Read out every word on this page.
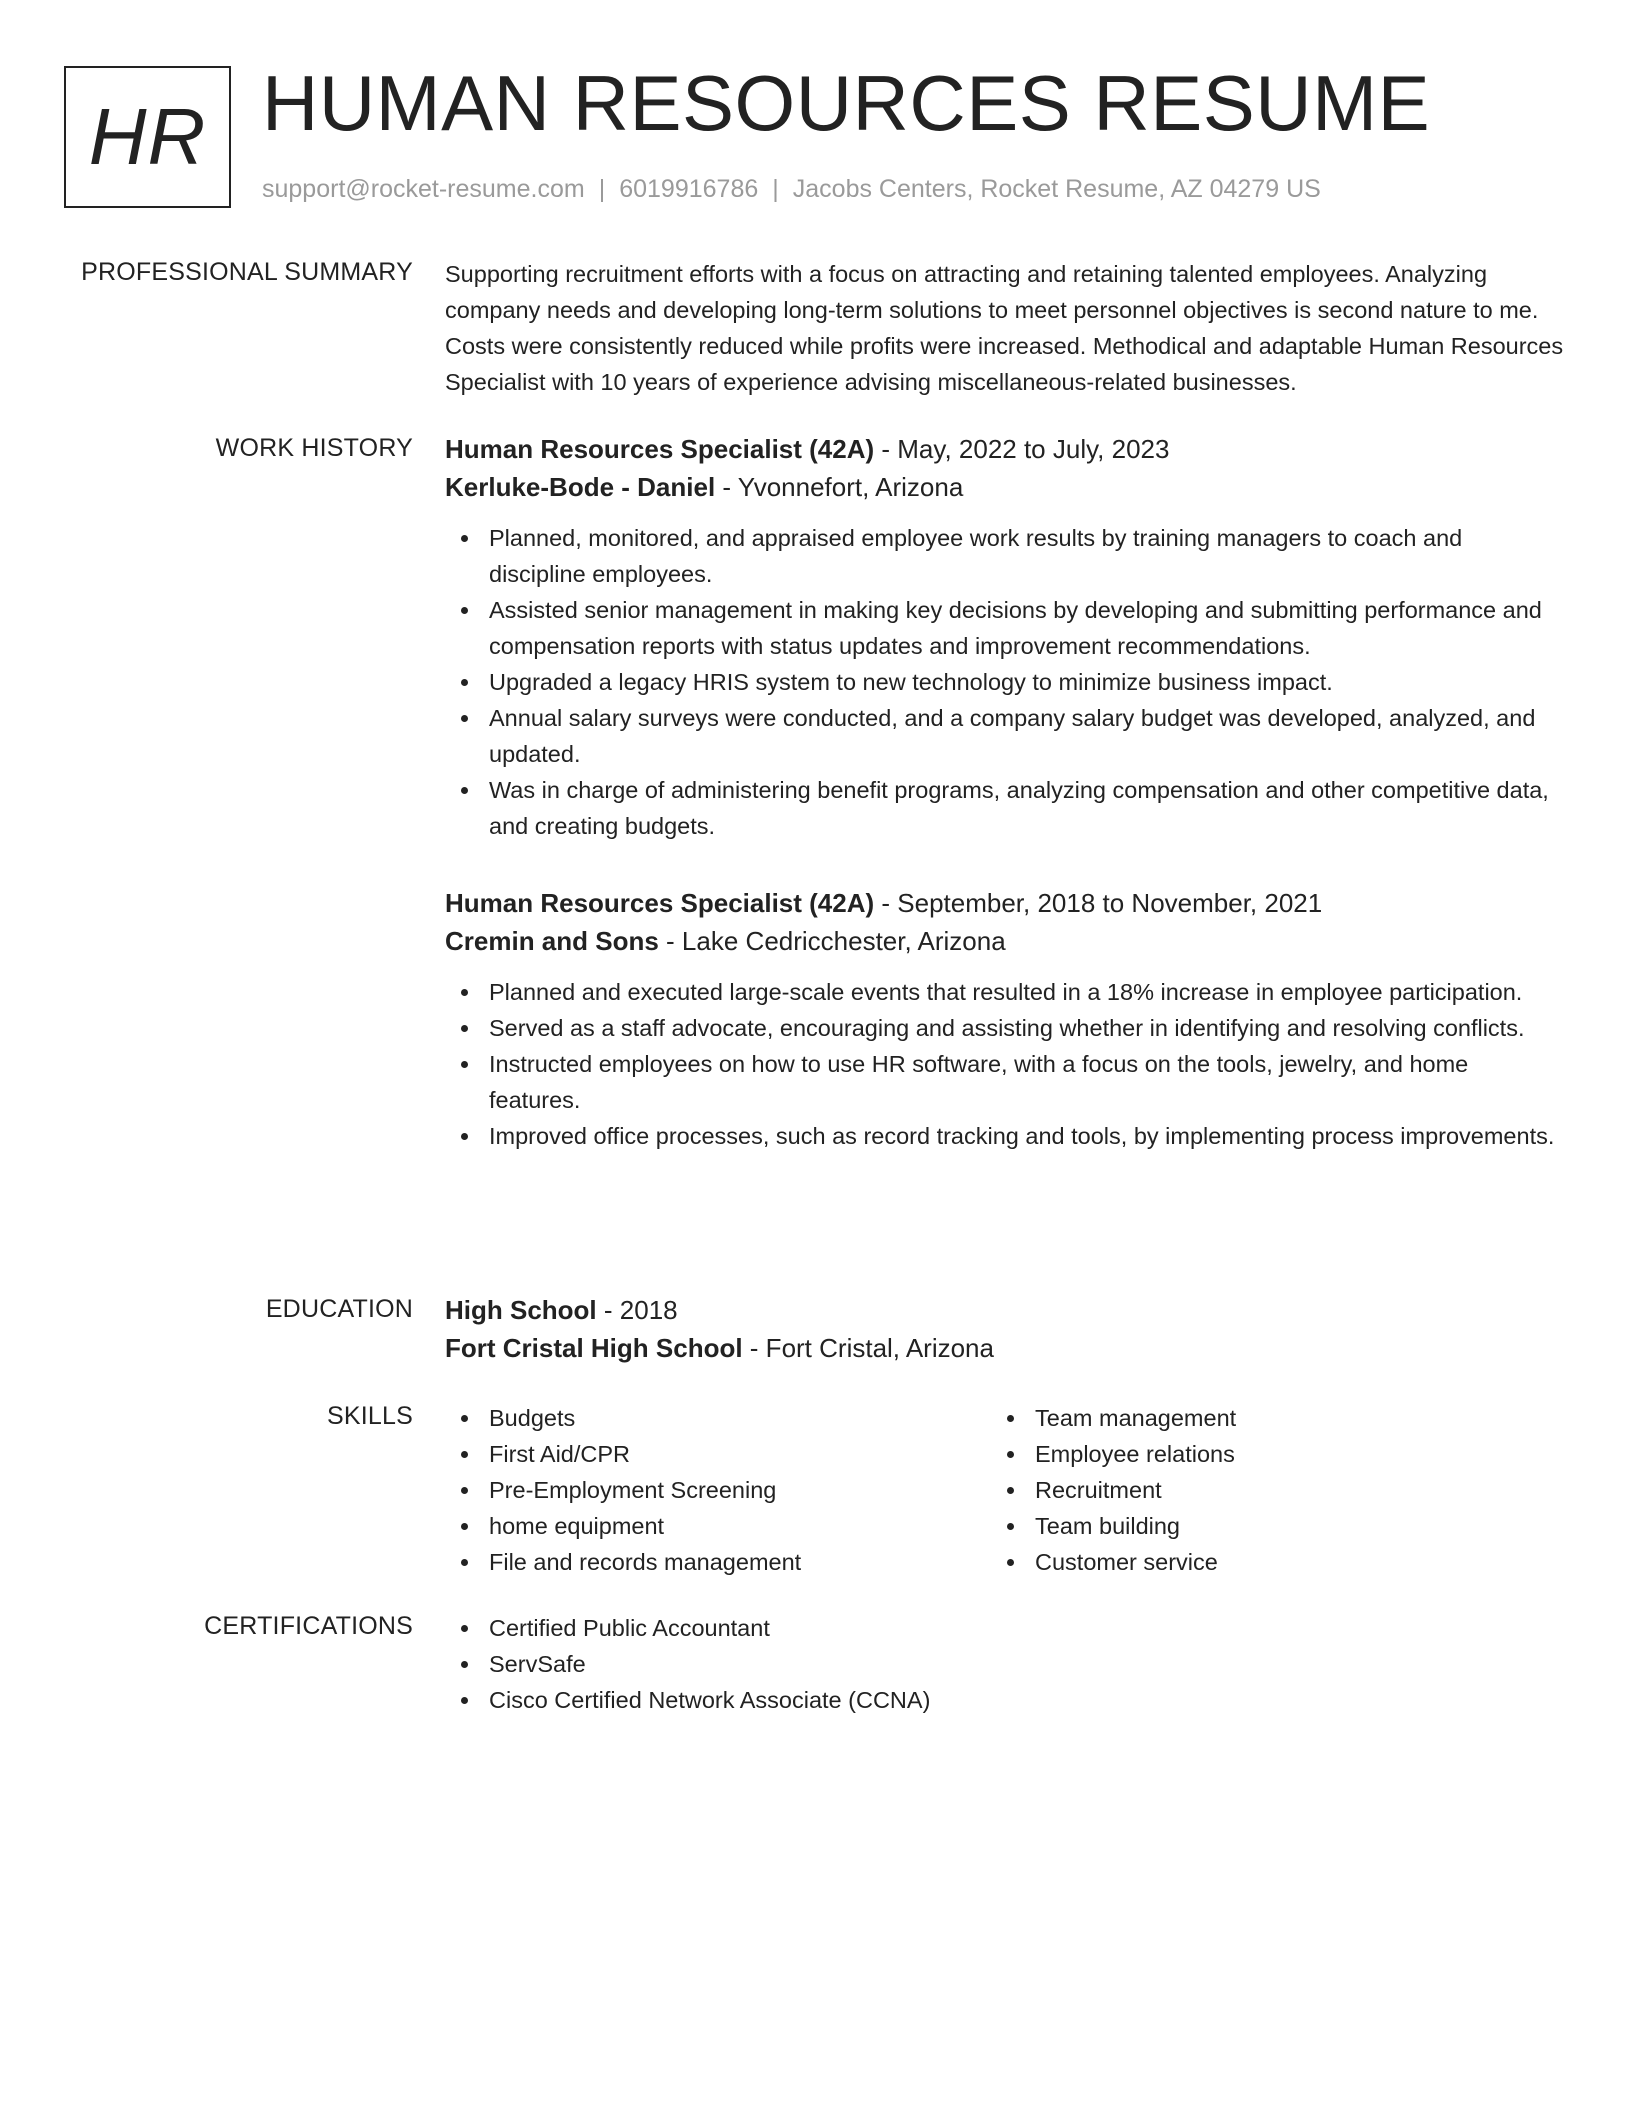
HR HUMAN RESOURCES RESUME
support@rocket-resume.com | 6019916786 | Jacobs Centers, Rocket Resume, AZ 04279 US
PROFESSIONAL SUMMARY Supporting recruitment efforts with a focus on attracting and retaining talented employees. Analyzing company needs and developing long-term solutions to meet personnel objectives is second nature to me. Costs were consistently reduced while profits were increased. Methodical and adaptable Human Resources Specialist with 10 years of experience advising miscellaneous-related businesses.

WORK HISTORY Human Resources Specialist (42A) - May, 2022 to July, 2023
Kerluke-Bode - Daniel - Yvonnefort, Arizona
Planned, monitored, and appraised employee work results by training managers to coach and discipline employees.
Assisted senior management in making key decisions by developing and submitting performance and compensation reports with status updates and improvement recommendations.
Upgraded a legacy HRIS system to new technology to minimize business impact.
Annual salary surveys were conducted, and a company salary budget was developed, analyzed, and updated.
Was in charge of administering benefit programs, analyzing compensation and other competitive data, and creating budgets.
Human Resources Specialist (42A) - September, 2018 to November, 2021
Cremin and Sons - Lake Cedricchester, Arizona
Planned and executed large-scale events that resulted in a 18% increase in employee participation.
Served as a staff advocate, encouraging and assisting whether in identifying and resolving conflicts.
Instructed employees on how to use HR software, with a focus on the tools, jewelry, and home features.
Improved office processes, such as record tracking and tools, by implementing process improvements.
EDUCATION High School - 2018
Fort Cristal High School - Fort Cristal, Arizona
SKILLS	Budgets
First Aid/CPR
Pre-Employment Screening
home equipment
File and records management
Team management
Employee relations
Recruitment
Team building
Customer service
CERTIFICATIONS	Certified Public Accountant
ServSafe
Cisco Certified Network Associate (CCNA)
